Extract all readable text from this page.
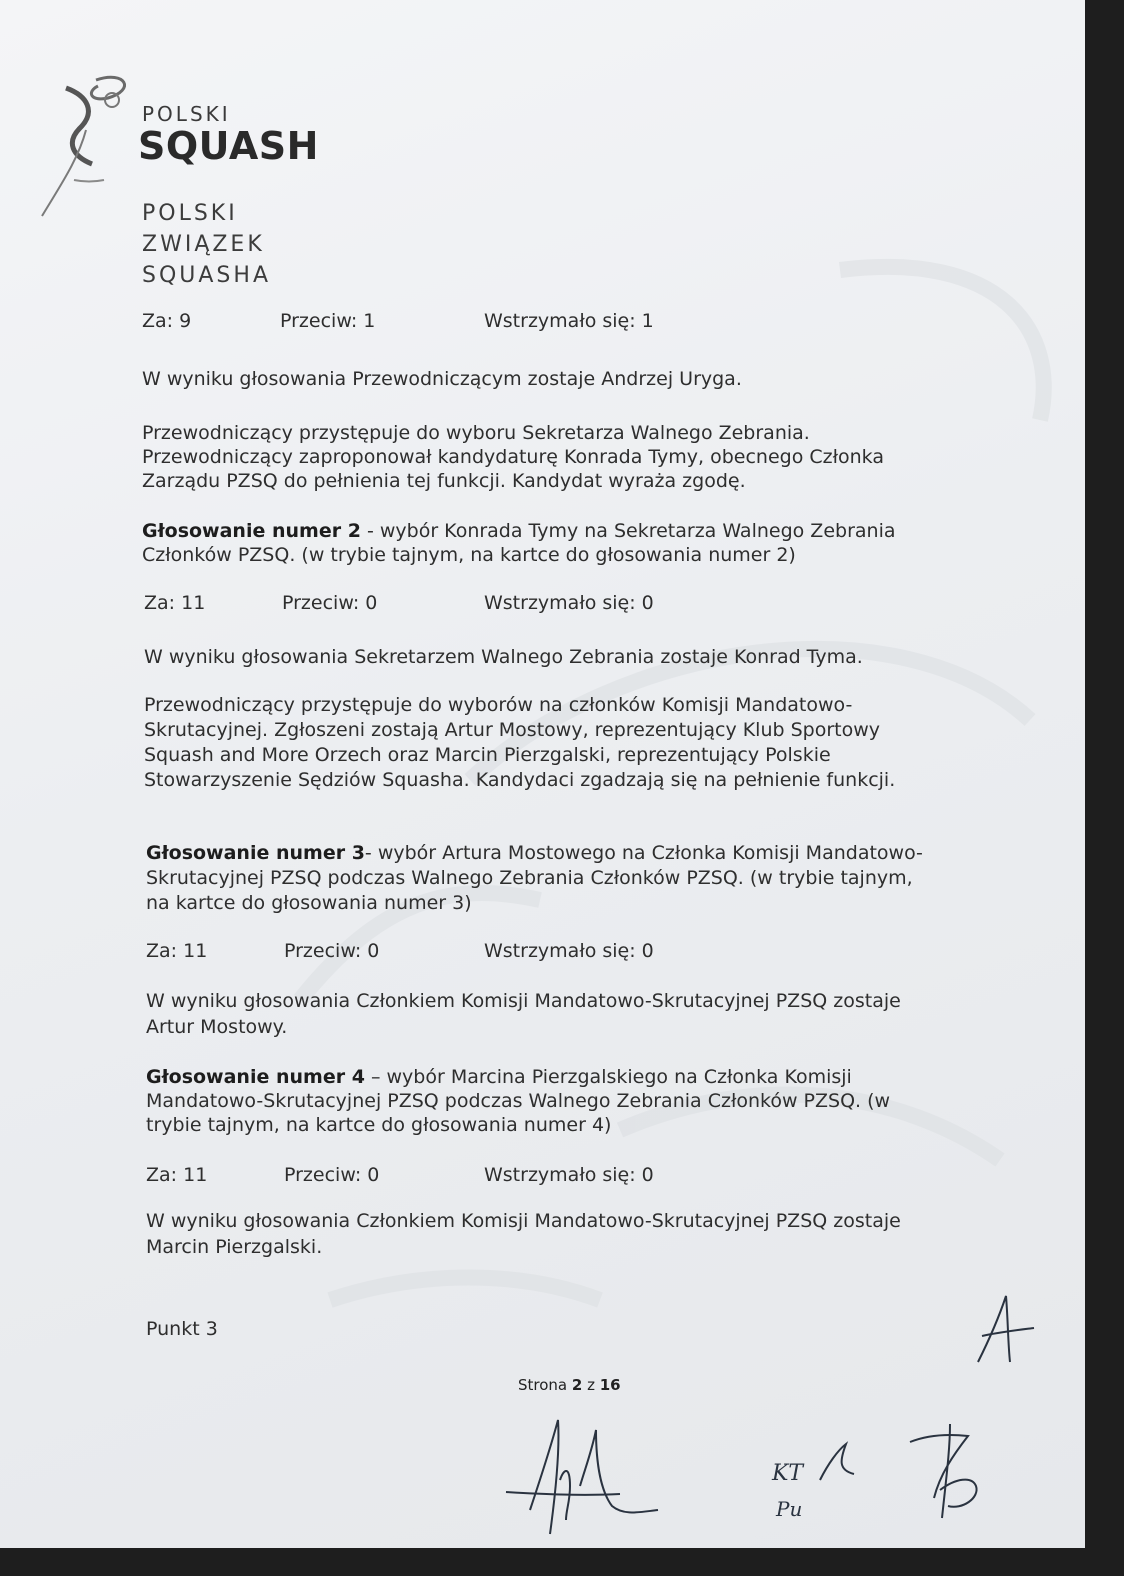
POLSKI
SQUASH
POLSKI
ZWIĄZEK
SQUASHA
Za: 9	Przeciw: 1	Wstrzymało się: 1
W wyniku głosowania Przewodniczącym zostaje Andrzej Uryga.
Przewodniczący przystępuje do wyboru Sekretarza Walnego Zebrania.
Przewodniczący zaproponował kandydaturę Konrada Tymy, obecnego Członka
Zarządu PZSQ do pełnienia tej funkcji. Kandydat wyraża zgodę.
Głosowanie numer 2 - wybór Konrada Tymy na Sekretarza Walnego Zebrania
Członków PZSQ. (w trybie tajnym, na kartce do głosowania numer 2)
Za: 11	Przeciw: 0	Wstrzymało się: 0
W wyniku głosowania Sekretarzem Walnego Zebrania zostaje Konrad Tyma.
Przewodniczący przystępuje do wyborów na członków Komisji Mandatowo-
Skrutacyjnej. Zgłoszeni zostają Artur Mostowy, reprezentujący Klub Sportowy
Squash and More Orzech oraz Marcin Pierzgalski, reprezentujący Polskie
Stowarzyszenie Sędziów Squasha. Kandydaci zgadzają się na pełnienie funkcji.
Głosowanie numer 3- wybór Artura Mostowego na Członka Komisji Mandatowo-
Skrutacyjnej PZSQ podczas Walnego Zebrania Członków PZSQ. (w trybie tajnym,
na kartce do głosowania numer 3)
Za: 11	Przeciw: 0	Wstrzymało się: 0
W wyniku głosowania Członkiem Komisji Mandatowo-Skrutacyjnej PZSQ zostaje
Artur Mostowy.
Głosowanie numer 4 – wybór Marcina Pierzgalskiego na Członka Komisji
Mandatowo-Skrutacyjnej PZSQ podczas Walnego Zebrania Członków PZSQ. (w
trybie tajnym, na kartce do głosowania numer 4)
Za: 11	Przeciw: 0	Wstrzymało się: 0
W wyniku głosowania Członkiem Komisji Mandatowo-Skrutacyjnej PZSQ zostaje
Marcin Pierzgalski.
Punkt 3
Strona 2 z 16
KT
Pu
